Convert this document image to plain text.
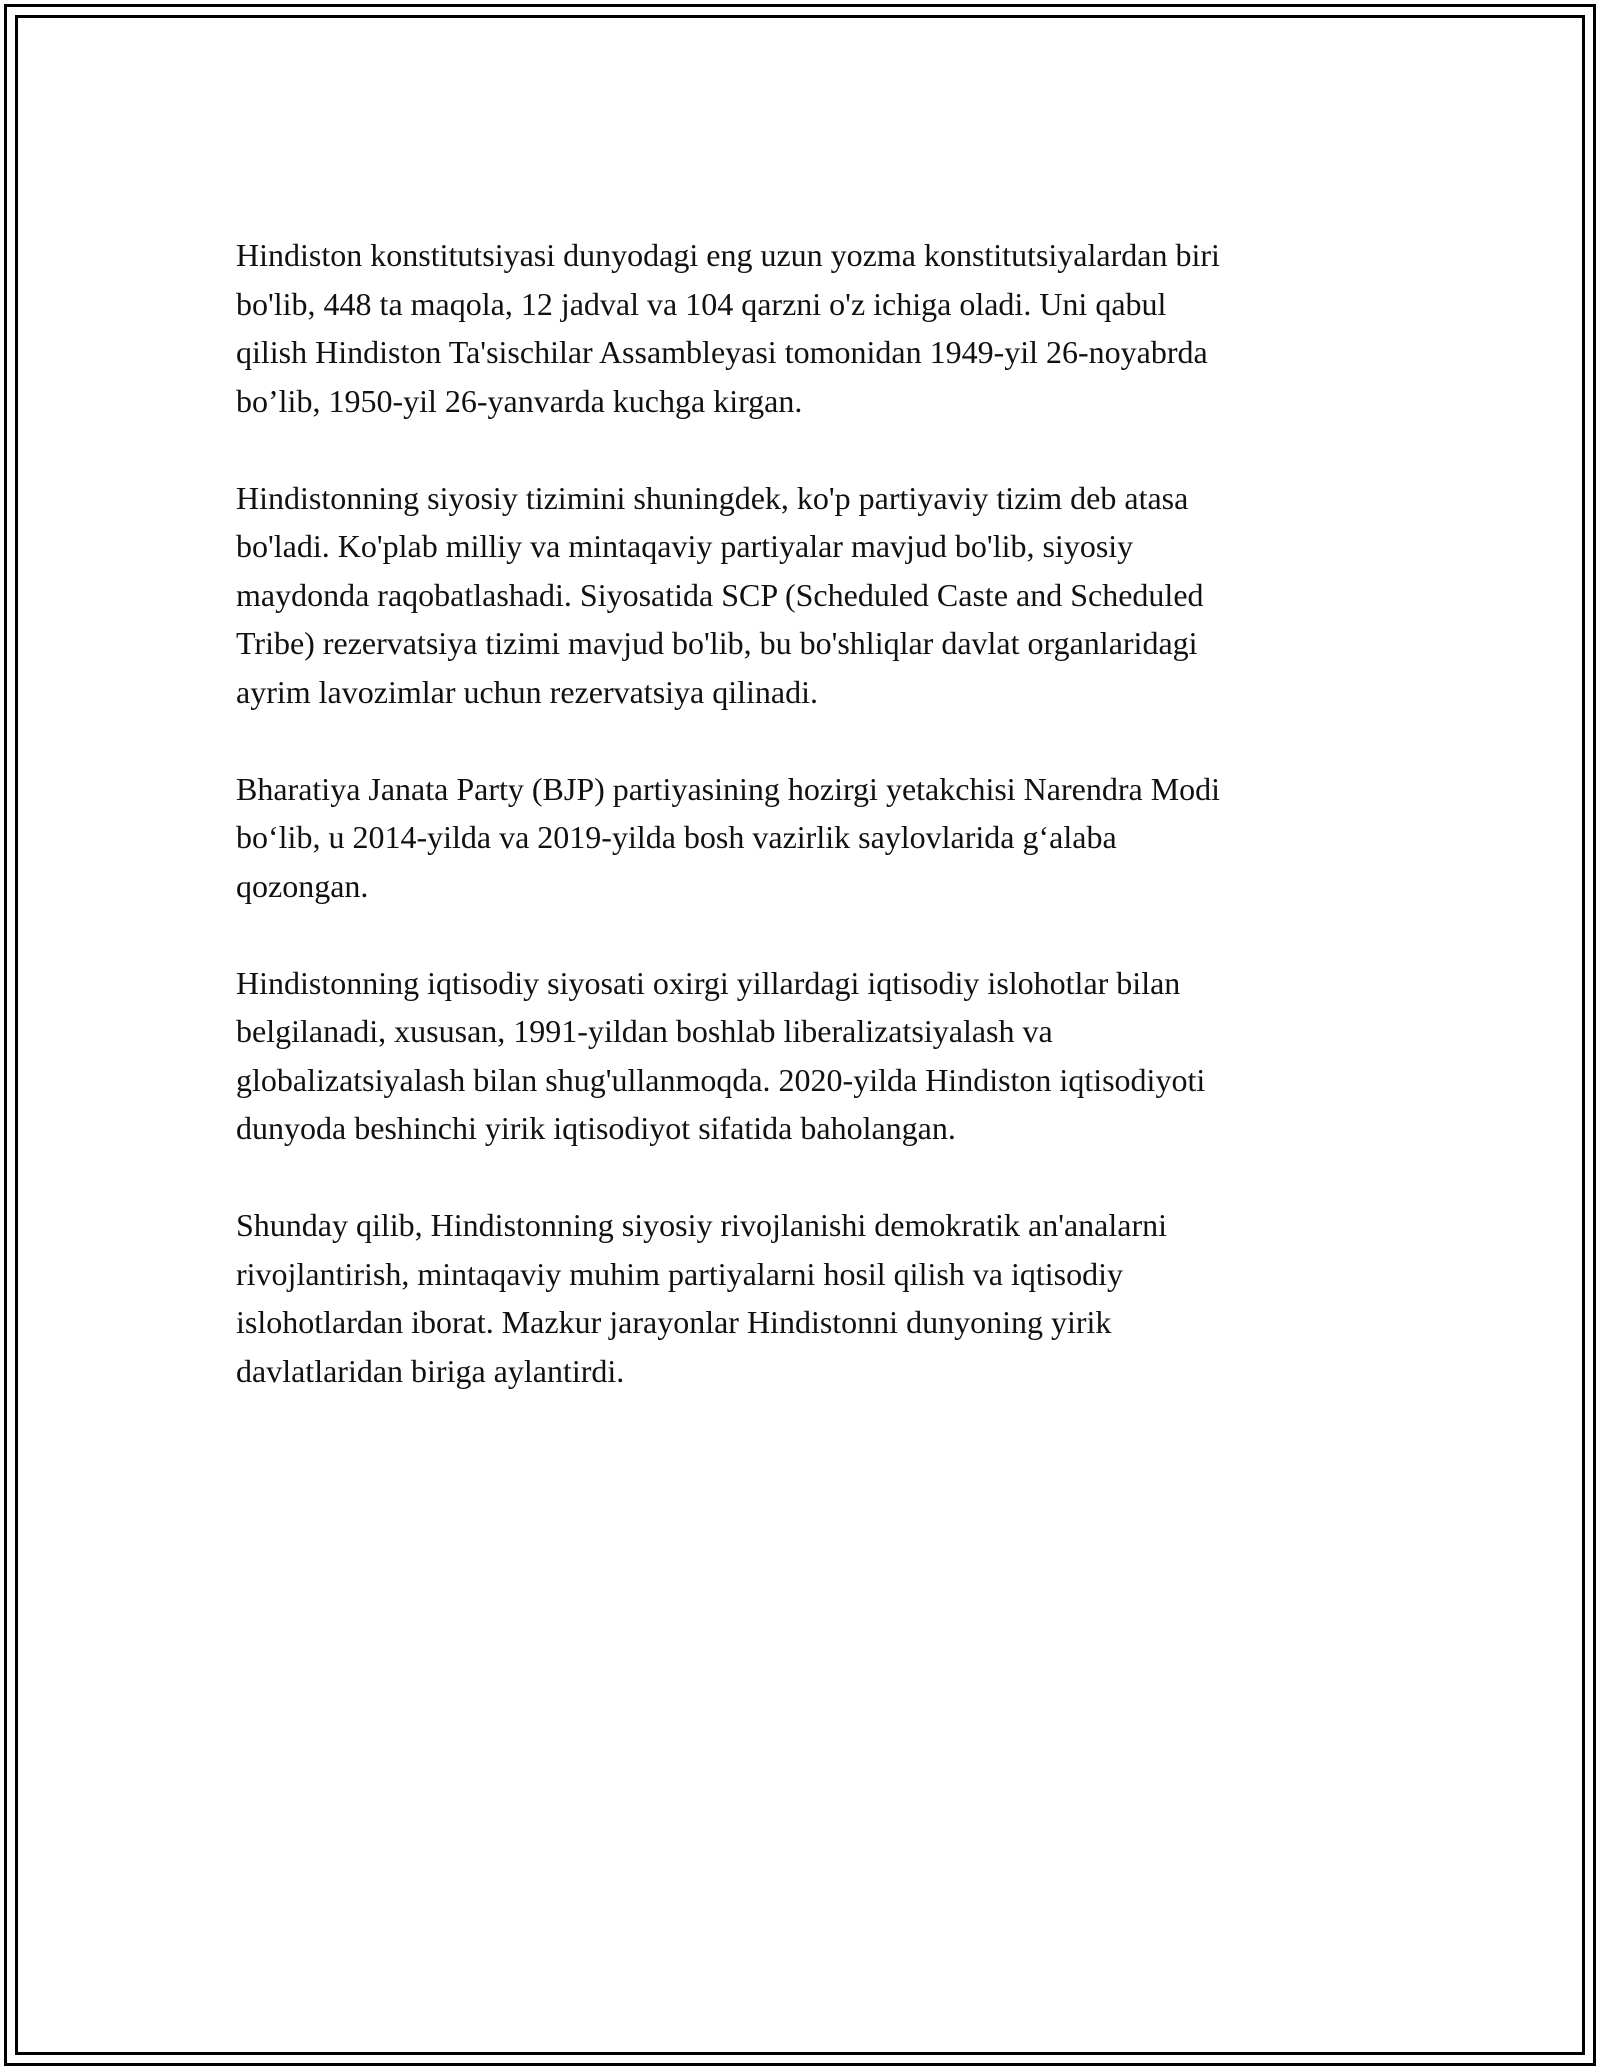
Hindiston konstitutsiyasi dunyodagi eng uzun yozma konstitutsiyalardan biri
bo'lib, 448 ta maqola, 12 jadval va 104 qarzni o'z ichiga oladi. Uni qabul
qilish Hindiston Ta'sischilar Assambleyasi tomonidan 1949-yil 26-noyabrda
bo’lib, 1950-yil 26-yanvarda kuchga kirgan.

Hindistonning siyosiy tizimini shuningdek, ko'p partiyaviy tizim deb atasa
bo'ladi. Ko'plab milliy va mintaqaviy partiyalar mavjud bo'lib, siyosiy
maydonda raqobatlashadi. Siyosatida SCP (Scheduled Caste and Scheduled
Tribe) rezervatsiya tizimi mavjud bo'lib, bu bo'shliqlar davlat organlaridagi
ayrim lavozimlar uchun rezervatsiya qilinadi.

Bharatiya Janata Party (BJP) partiyasining hozirgi yetakchisi Narendra Modi
bo‘lib, u 2014-yilda va 2019-yilda bosh vazirlik saylovlarida g‘alaba
qozongan.

Hindistonning iqtisodiy siyosati oxirgi yillardagi iqtisodiy islohotlar bilan
belgilanadi, xususan, 1991-yildan boshlab liberalizatsiyalash va
globalizatsiyalash bilan shug'ullanmoqda. 2020-yilda Hindiston iqtisodiyoti
dunyoda beshinchi yirik iqtisodiyot sifatida baholangan.

Shunday qilib, Hindistonning siyosiy rivojlanishi demokratik an'analarni
rivojlantirish, mintaqaviy muhim partiyalarni hosil qilish va iqtisodiy
islohotlardan iborat. Mazkur jarayonlar Hindistonni dunyoning yirik
davlatlaridan biriga aylantirdi.
